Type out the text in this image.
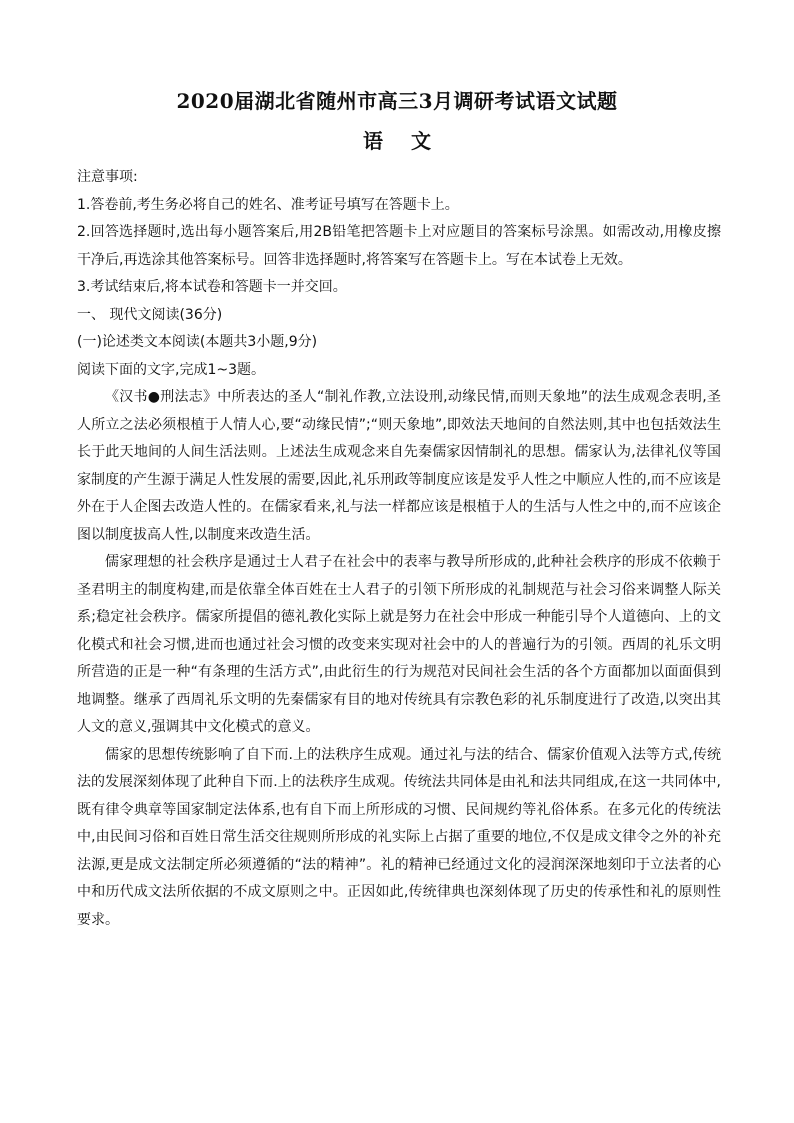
2020届湖北省随州市高三3月调研考试语文试题
语文

注意事项:

1.答卷前,考生务必将自己的姓名、准考证号填写在答题卡上。

2.回答选择题时,选出每小题答案后,用2B铅笔把答题卡上对应题目的答案标号涂黑。如需改动,用橡皮擦干净后,再选涂其他答案标号。回答非选择题时,将答案写在答题卡上。写在本试卷上无效。

3.考试结束后,将本试卷和答题卡一并交回。

一、 现代文阅读(36分)

(一)论述类文本阅读(本题共3小题,9分)

阅读下面的文字,完成1~3题。

《汉书●刑法志》中所表达的圣人“制礼作教,立法设刑,动缘民情,而则天象地”的法生成观念表明,圣人所立之法必须根植于人情人心,要“动缘民情”;“则天象地”,即效法天地间的自然法则,其中也包括效法生长于此天地间的人间生活法则。上述法生成观念来自先秦儒家因情制礼的思想。儒家认为,法律礼仪等国家制度的产生源于满足人性发展的需要,因此,礼乐刑政等制度应该是发乎人性之中顺应人性的,而不应该是外在于人企图去改造人性的。在儒家看来,礼与法一样都应该是根植于人的生活与人性之中的,而不应该企图以制度拔高人性,以制度来改造生活。

儒家理想的社会秩序是通过士人君子在社会中的表率与教导所形成的,此种社会秩序的形成不依赖于圣君明主的制度构建,而是依靠全体百姓在士人君子的引领下所形成的礼制规范与社会习俗来调整人际关系;稳定社会秩序。儒家所提倡的德礼教化实际上就是努力在社会中形成一种能引导个人道德向、上的文化模式和社会习惯,进而也通过社会习惯的改变来实现对社会中的人的普遍行为的引领。西周的礼乐文明所营造的正是一种“有条理的生活方式”,由此衍生的行为规范对民间社会生活的各个方面都加以面面俱到地调整。继承了西周礼乐文明的先秦儒家有目的地对传统具有宗教色彩的礼乐制度进行了改造,以突出其人文的意义,强调其中文化模式的意义。

儒家的思想传统影响了自下而.上的法秩序生成观。通过礼与法的结合、儒家价值观入法等方式,传统法的发展深刻体现了此种自下而.上的法秩序生成观。传统法共同体是由礼和法共同组成,在这一共同体中,既有律令典章等国家制定法体系,也有自下而上所形成的习惯、民间规约等礼俗体系。在多元化的传统法中,由民间习俗和百姓日常生活交往规则所形成的礼实际上占据了重要的地位,不仅是成文律令之外的补充法源,更是成文法制定所必须遵循的“法的精神”。礼的精神已经通过文化的浸润深深地刻印于立法者的心中和历代成文法所依据的不成文原则之中。正因如此,传统律典也深刻体现了历史的传承性和礼的原则性要求。
